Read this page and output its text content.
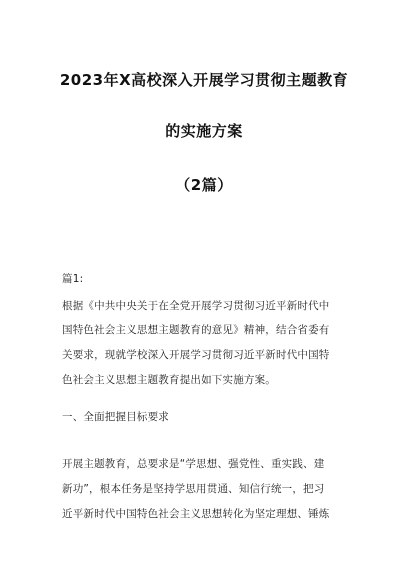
2023年X高校深入开展学习贯彻主题教育
的实施方案
（2篇）
篇1:
根据《中共中央关于在全党开展学习贯彻习近平新时代中
国特色社会主义思想主题教育的意见》精神，结合省委有
关要求，现就学校深入开展学习贯彻习近平新时代中国特
色社会主义思想主题教育提出如下实施方案。
一、全面把握目标要求
开展主题教育，总要求是“学思想、强党性、重实践、建
新功”，根本任务是坚持学思用贯通、知信行统一，把习
近平新时代中国特色社会主义思想转化为坚定理想、锤炼
